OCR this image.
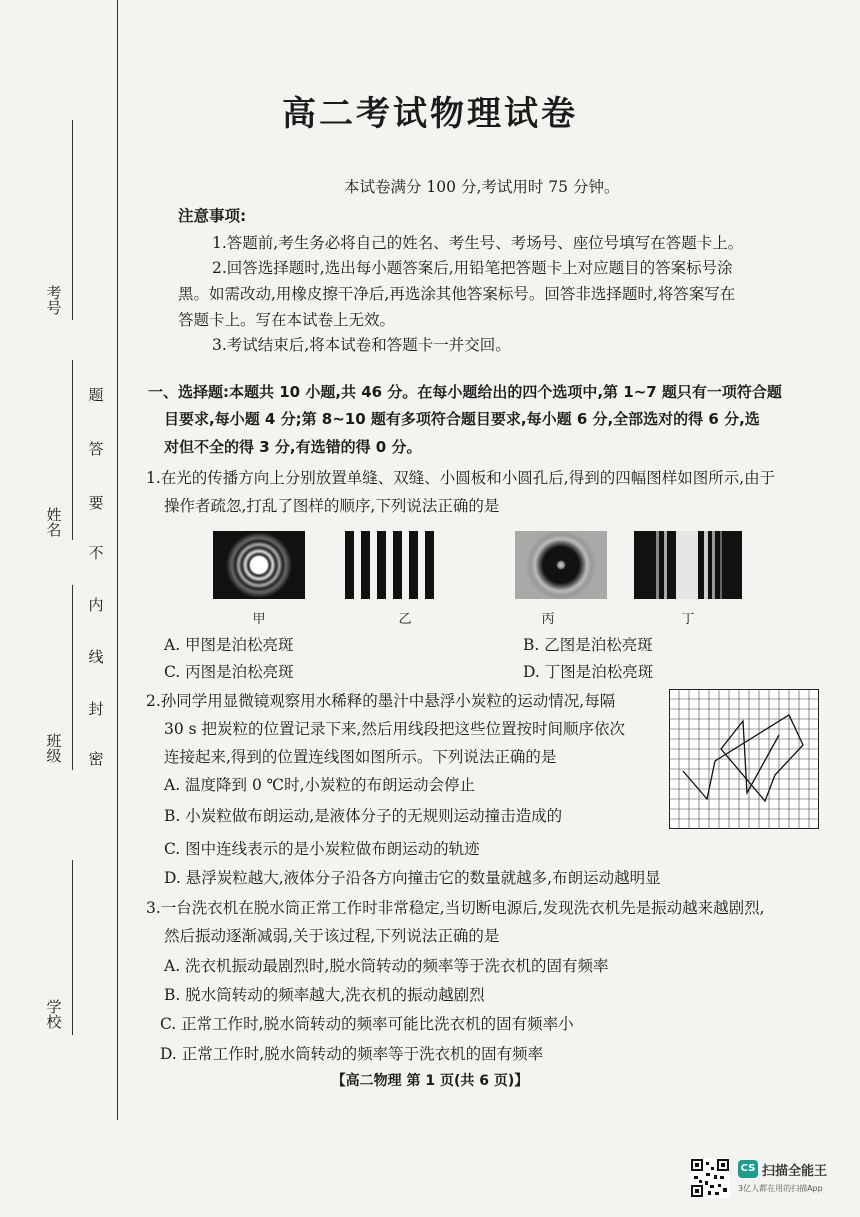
考号
姓名
班级
学校
题
答
要
不
内
线
封
密
高二考试物理试卷
本试卷满分 100 分,考试用时 75 分钟。
注意事项:
1.答题前,考生务必将自己的姓名、考生号、考场号、座位号填写在答题卡上。
2.回答选择题时,选出每小题答案后,用铅笔把答题卡上对应题目的答案标号涂
黑。如需改动,用橡皮擦干净后,再选涂其他答案标号。回答非选择题时,将答案写在
答题卡上。写在本试卷上无效。
3.考试结束后,将本试卷和答题卡一并交回。
一、选择题:本题共 10 小题,共 46 分。在每小题给出的四个选项中,第 1~7 题只有一项符合题
目要求,每小题 4 分;第 8~10 题有多项符合题目要求,每小题 6 分,全部选对的得 6 分,选
对但不全的得 3 分,有选错的得 0 分。
1.在光的传播方向上分别放置单缝、双缝、小圆板和小圆孔后,得到的四幅图样如图所示,由于
操作者疏忽,打乱了图样的顺序,下列说法正确的是
甲	乙	丙	丁
A. 甲图是泊松亮斑	B. 乙图是泊松亮斑
C. 丙图是泊松亮斑	D. 丁图是泊松亮斑
2.孙同学用显微镜观察用水稀释的墨汁中悬浮小炭粒的运动情况,每隔
30 s 把炭粒的位置记录下来,然后用线段把这些位置按时间顺序依次
连接起来,得到的位置连线图如图所示。下列说法正确的是
A. 温度降到 0 ℃时,小炭粒的布朗运动会停止
B. 小炭粒做布朗运动,是液体分子的无规则运动撞击造成的
C. 图中连线表示的是小炭粒做布朗运动的轨迹
D. 悬浮炭粒越大,液体分子沿各方向撞击它的数量就越多,布朗运动越明显
3.一台洗衣机在脱水筒正常工作时非常稳定,当切断电源后,发现洗衣机先是振动越来越剧烈,
然后振动逐渐减弱,关于该过程,下列说法正确的是
A. 洗衣机振动最剧烈时,脱水筒转动的频率等于洗衣机的固有频率
B. 脱水筒转动的频率越大,洗衣机的振动越剧烈
C. 正常工作时,脱水筒转动的频率可能比洗衣机的固有频率小
D. 正常工作时,脱水筒转动的频率等于洗衣机的固有频率
【高二物理 第 1 页(共 6 页)】
CS 扫描全能王
3亿人都在用的扫描App
